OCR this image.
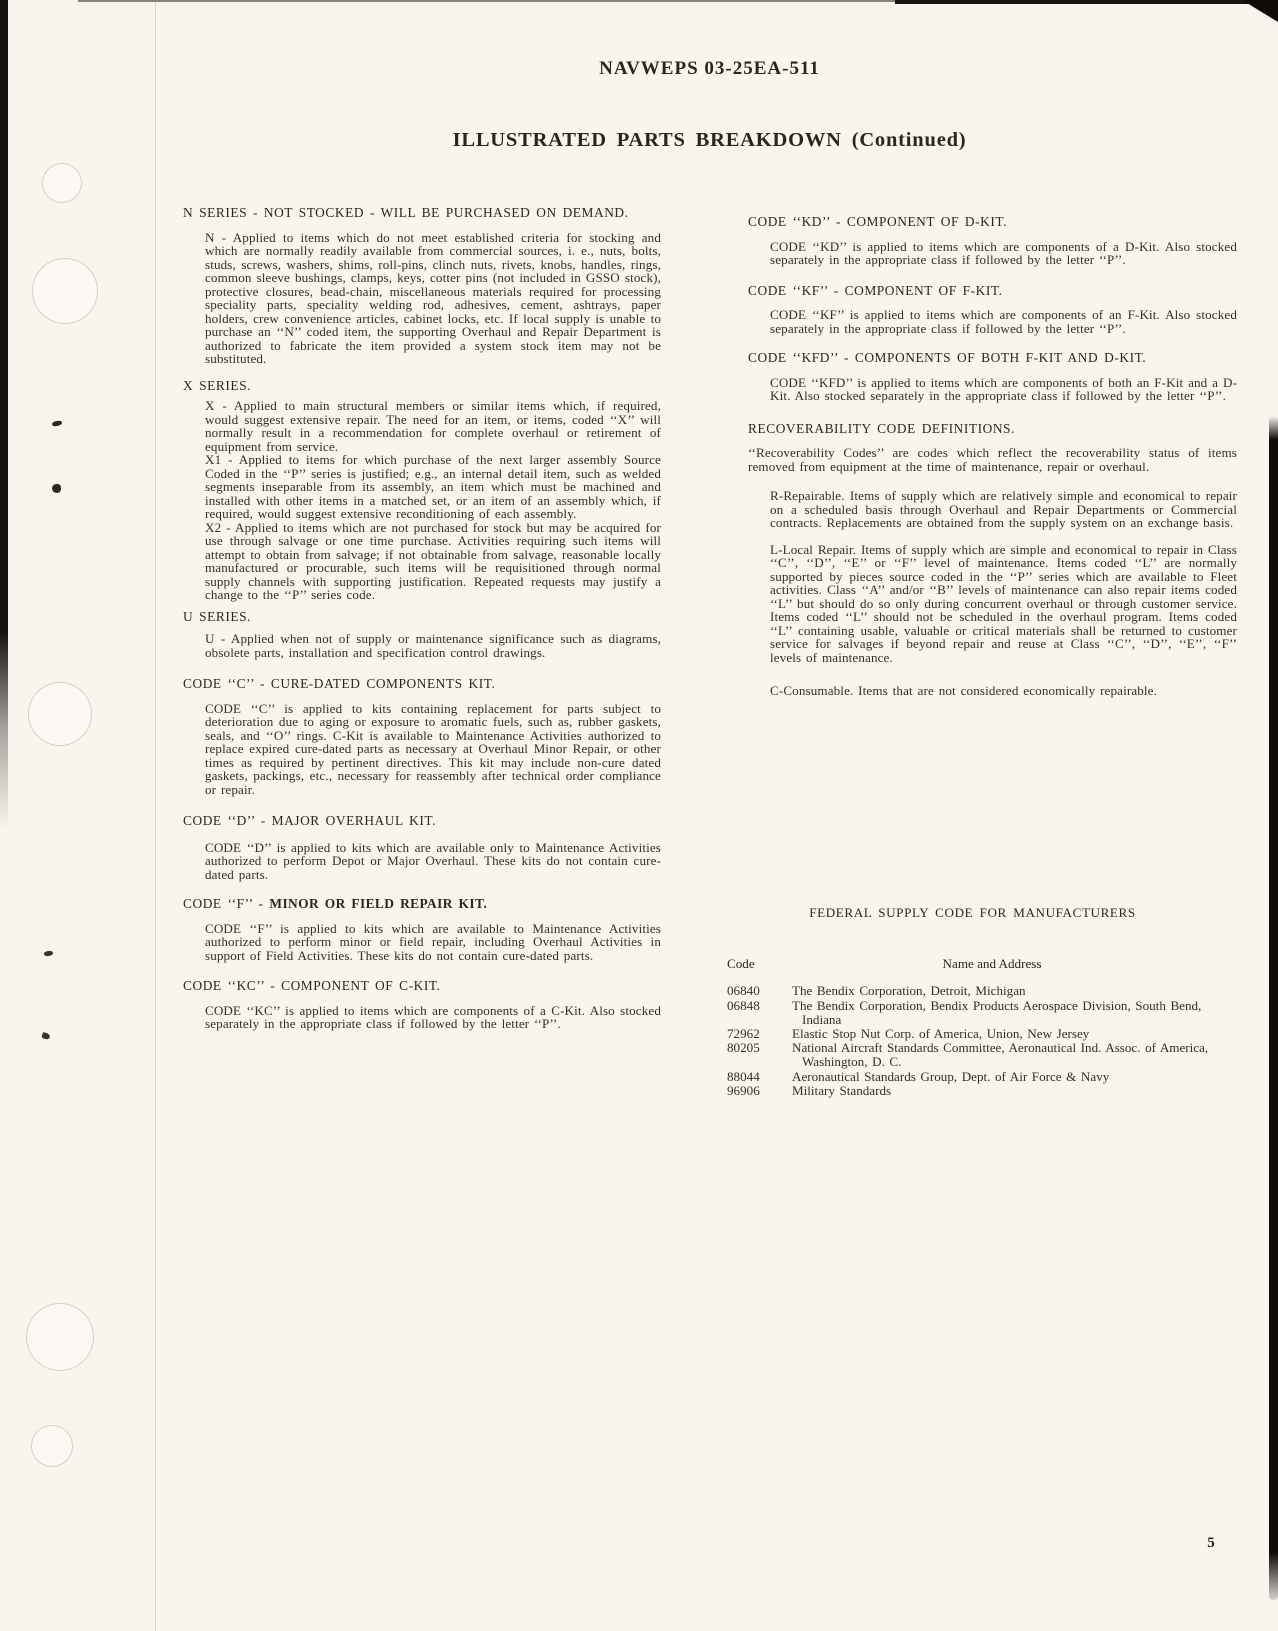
NAVWEPS 03-25EA-511
ILLUSTRATED PARTS BREAKDOWN (Continued)

N SERIES - NOT STOCKED - WILL BE PURCHASED ON DEMAND.

N - Applied to items which do not meet established criteria for stocking and which are normally readily available from commercial sources, i. e., nuts, bolts, studs, screws, washers, shims, roll-pins, clinch nuts, rivets, knobs, handles, rings, common sleeve bushings, clamps, keys, cotter pins (not included in GSSO stock), protective closures, bead-chain, miscellaneous materials required for processing speciality parts, speciality welding rod, adhesives, cement, ashtrays, paper holders, crew convenience articles, cabinet locks, etc. If local supply is unable to purchase an ‘‘N’’ coded item, the supporting Overhaul and Repair Department is authorized to fabricate the item provided a system stock item may not be substituted.

X SERIES.

X - Applied to main structural members or similar items which, if required, would suggest extensive repair. The need for an item, or items, coded ‘‘X’’ will normally result in a recommendation for complete overhaul or retirement of equipment from service.

X1 - Applied to items for which purchase of the next larger assembly Source Coded in the ‘‘P’’ series is justified; e.g., an internal detail item, such as welded segments inseparable from its assembly, an item which must be machined and installed with other items in a matched set, or an item of an assembly which, if required, would suggest extensive reconditioning of each assembly.

X2 - Applied to items which are not purchased for stock but may be acquired for use through salvage or one time purchase. Activities requiring such items will attempt to obtain from salvage; if not obtainable from salvage, reasonable locally manufactured or procurable, such items will be requisitioned through normal supply channels with supporting justification. Repeated requests may justify a change to the ‘‘P’’ series code.

U SERIES.

U - Applied when not of supply or maintenance significance such as diagrams, obsolete parts, installation and specification control drawings.

CODE ‘‘C’’ - CURE-DATED COMPONENTS KIT.

CODE ‘‘C’’ is applied to kits containing replacement for parts subject to deterioration due to aging or exposure to aromatic fuels, such as, rubber gaskets, seals, and ‘‘O’’ rings. C-Kit is available to Maintenance Activities authorized to replace expired cure-dated parts as necessary at Overhaul Minor Repair, or other times as required by pertinent directives. This kit may include non-cure dated gaskets, packings, etc., necessary for reassembly after technical order compliance or repair.

CODE ‘‘D’’ - MAJOR OVERHAUL KIT.

CODE ‘‘D’’ is applied to kits which are available only to Maintenance Activities authorized to perform Depot or Major Overhaul. These kits do not contain cure-dated parts.

CODE ‘‘F’’ - MINOR OR FIELD REPAIR KIT.

CODE ‘‘F’’ is applied to kits which are available to Maintenance Activities authorized to perform minor or field repair, including Overhaul Activities in support of Field Activities. These kits do not contain cure-dated parts.

CODE ‘‘KC’’ - COMPONENT OF C-KIT.

CODE ‘‘KC’’ is applied to items which are components of a C-Kit. Also stocked separately in the appropriate class if followed by the letter ‘‘P’’.

CODE ‘‘KD’’ - COMPONENT OF D-KIT.

CODE ‘‘KD’’ is applied to items which are components of a D-Kit. Also stocked separately in the appropriate class if followed by the letter ‘‘P’’.

CODE ‘‘KF’’ - COMPONENT OF F-KIT.

CODE ‘‘KF’’ is applied to items which are components of an F-Kit. Also stocked separately in the appropriate class if followed by the letter ‘‘P’’.

CODE ‘‘KFD’’ - COMPONENTS OF BOTH F-KIT AND D-KIT.

CODE ‘‘KFD’’ is applied to items which are components of both an F-Kit and a D-Kit. Also stocked separately in the appropriate class if followed by the letter ‘‘P’’.

RECOVERABILITY CODE DEFINITIONS.

‘‘Recoverability Codes’’ are codes which reflect the recoverability status of items removed from equipment at the time of maintenance, repair or overhaul.

R-Repairable. Items of supply which are relatively simple and economical to repair on a scheduled basis through Overhaul and Repair Departments or Commercial contracts. Replacements are obtained from the supply system on an exchange basis.

L-Local Repair. Items of supply which are simple and economical to repair in Class ‘‘C’’, ‘‘D’’, ‘‘E’’ or ‘‘F’’ level of maintenance. Items coded ‘‘L’’ are normally supported by pieces source coded in the ‘‘P’’ series which are available to Fleet activities. Class ‘‘A’’ and/or ‘‘B’’ levels of maintenance can also repair items coded ‘‘L’’ but should do so only during concurrent overhaul or through customer service. Items coded ‘‘L’’ should not be scheduled in the overhaul program. Items coded ‘‘L’’ containing usable, valuable or critical materials shall be returned to customer service for salvages if beyond repair and reuse at Class ‘‘C’’, ‘‘D’’, ‘‘E’’, ‘‘F’’ levels of maintenance.

C-Consumable. Items that are not considered economically repairable.

FEDERAL SUPPLY CODE FOR MANUFACTURERS
Code	Name and Address
06840	The Bendix Corporation, Detroit, Michigan
06848	The Bendix Corporation, Bendix Products Aerospace Division, South Bend, Indiana
72962	Elastic Stop Nut Corp. of America, Union, New Jersey
80205	National Aircraft Standards Committee, Aeronautical Ind. Assoc. of America, Washington, D. C.
88044	Aeronautical Standards Group, Dept. of Air Force & Navy
96906	Military Standards
5
